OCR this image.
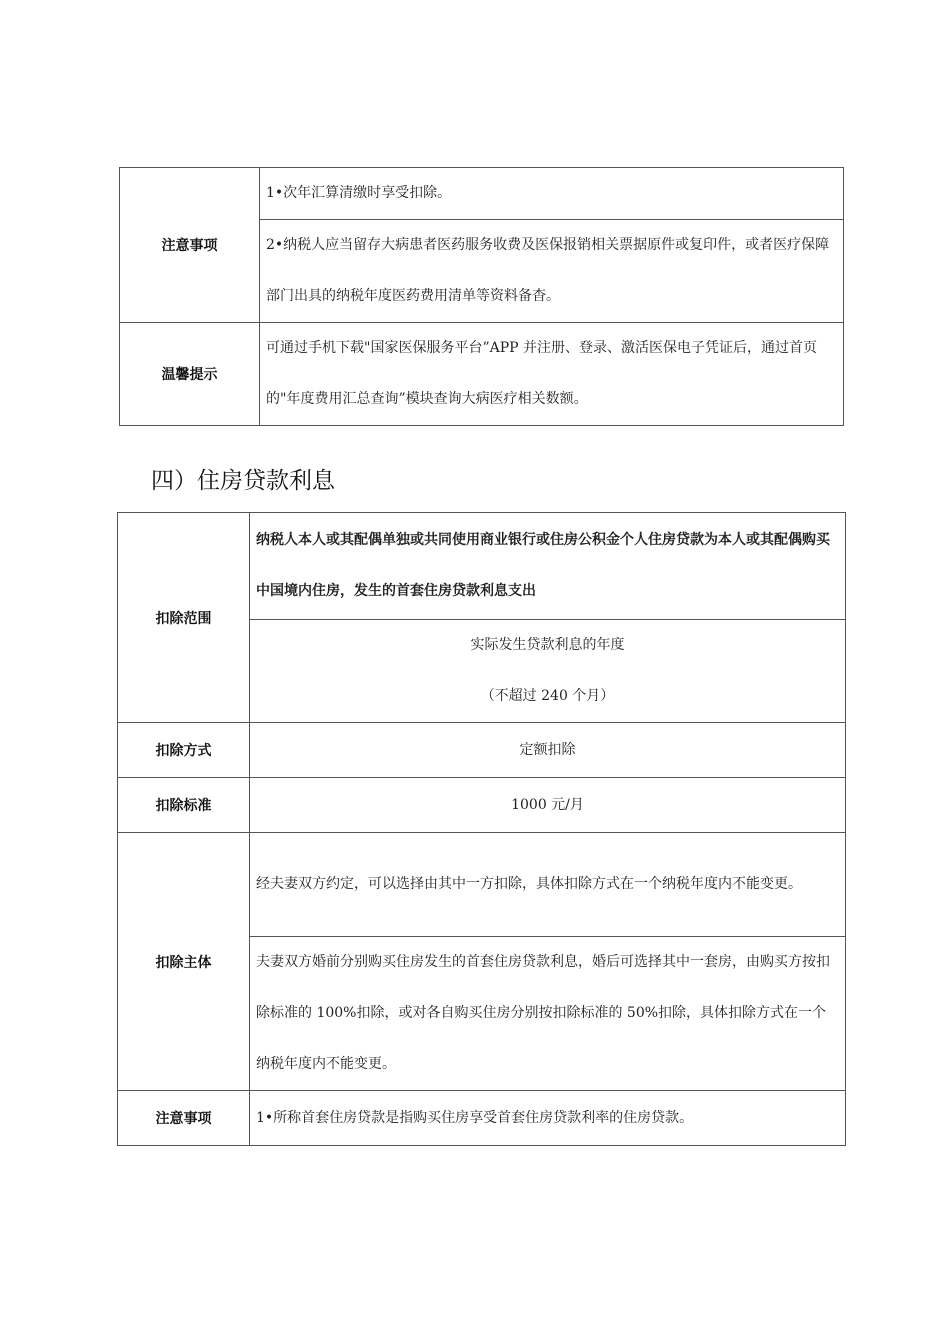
注意事项	1•次年汇算清缴时享受扣除。
	2•纳税人应当留存大病患者医药服务收费及医保报销相关票据原件或复印件，或者医疗保障部门出具的纳税年度医药费用清单等资料备杳。
温馨提示	可通过手机下载"国家医保服务平台”APP 并注册、登录、激活医保电子凭证后，通过首页的"年度费用汇总查询”模块查询大病医疗相关数额。
四）住房贷款利息
扣除范围	纳税人本人或其配偶单独或共同使用商业银行或住房公积金个人住房贷款为本人或其配偶购买中国境内住房，发生的首套住房贷款利息支出

	实际发生贷款利息的年度
（不超过 240 个月）

扣除方式	定额扣除
扣除标准	1000 元/月
扣除主体	经夫妻双方约定，可以选择由其中一方扣除，具体扣除方式在一个纳税年度内不能变更。
	夫妻双方婚前分别购买住房发生的首套住房贷款利息，婚后可选择其中一套房，由购买方按扣除标准的 100%扣除，或对各自购买住房分别按扣除标准的 50%扣除，具体扣除方式在一个纳税年度内不能变更。
注意事项	1•所称首套住房贷款是指购买住房享受首套住房贷款利率的住房贷款。
